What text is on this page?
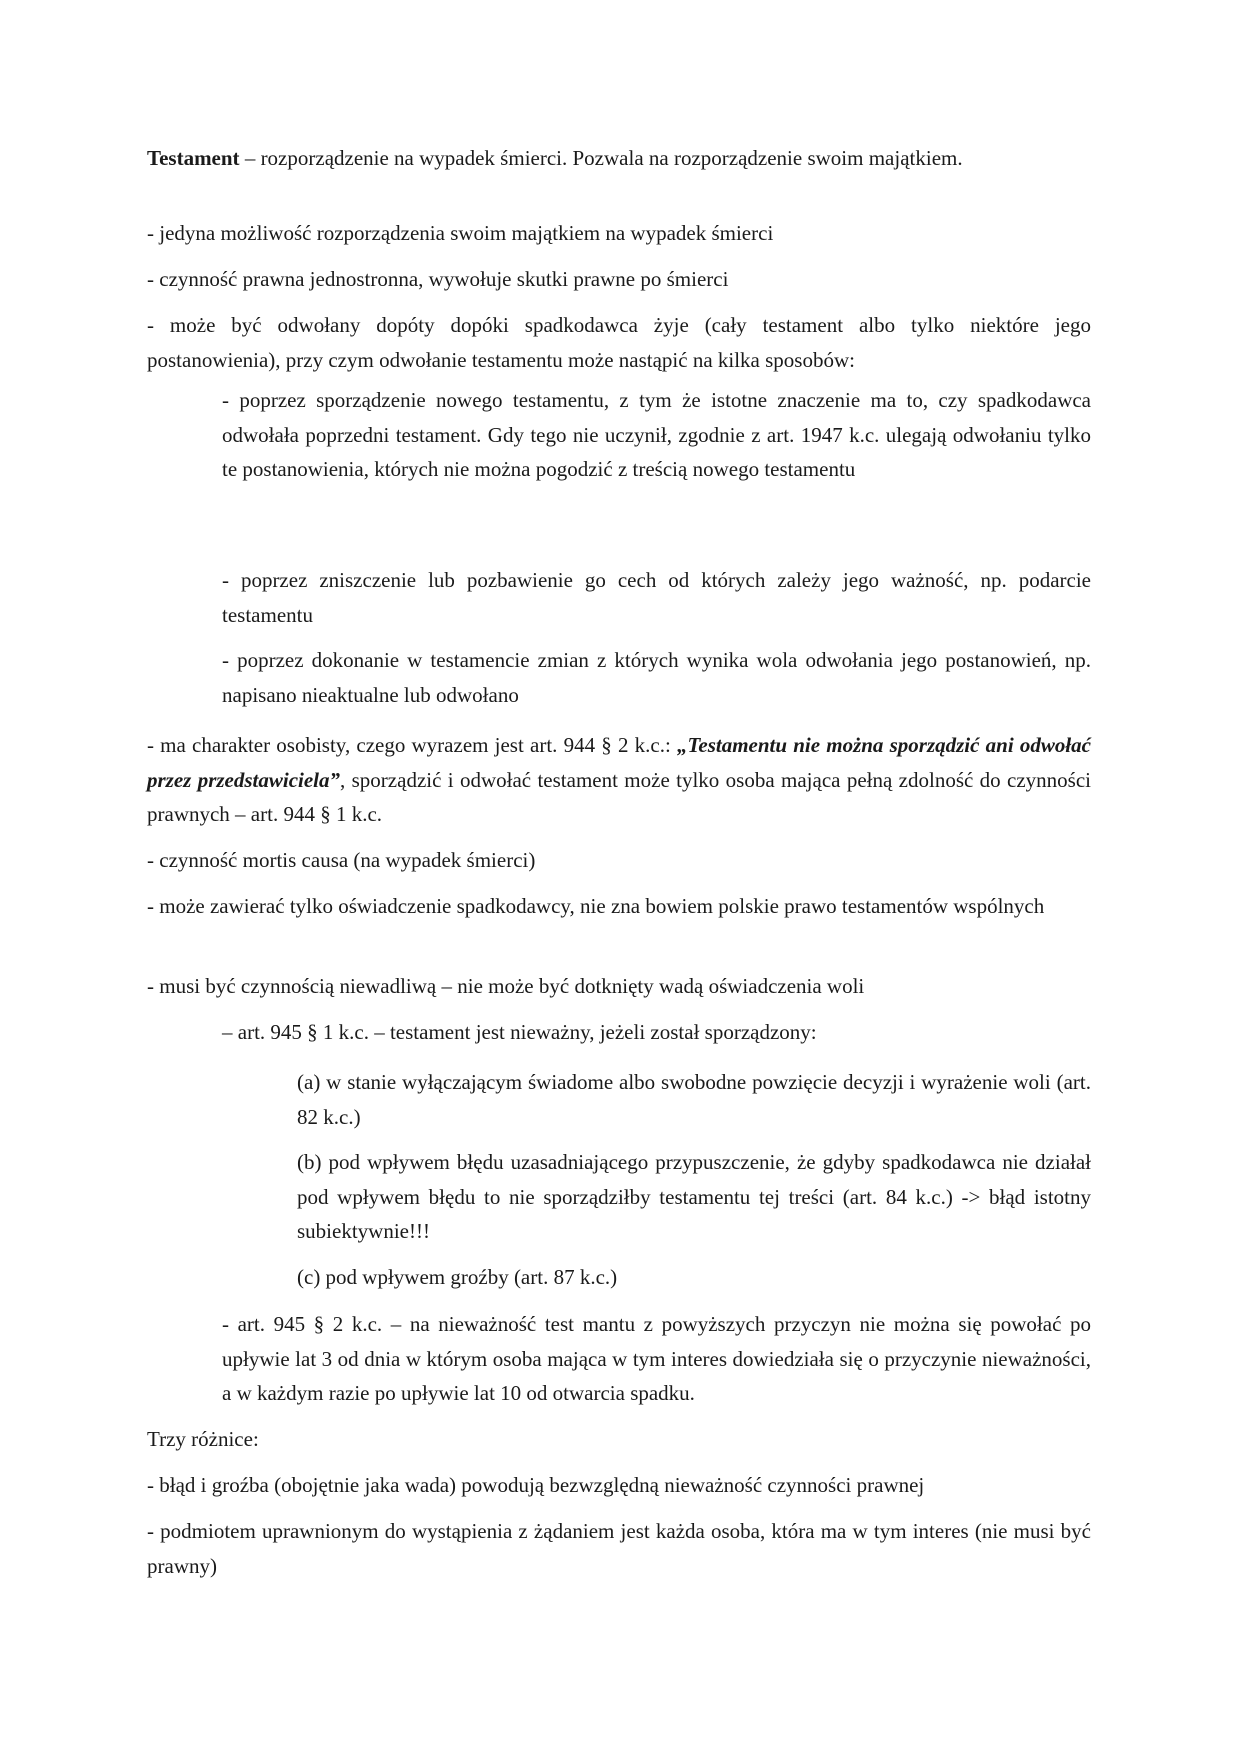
Testament – rozporządzenie na wypadek śmierci. Pozwala na rozporządzenie swoim majątkiem.

- jedyna możliwość rozporządzenia swoim majątkiem na wypadek śmierci

- czynność prawna jednostronna, wywołuje skutki prawne po śmierci

- może być odwołany dopóty dopóki spadkodawca żyje (cały testament albo tylko niektóre jego postanowienia), przy czym odwołanie testamentu może nastąpić na kilka sposobów:

- poprzez sporządzenie nowego testamentu, z tym że istotne znaczenie ma to, czy spadkodawca odwołała poprzedni testament. Gdy tego nie uczynił, zgodnie z art. 1947 k.c. ulegają odwołaniu tylko te postanowienia, których nie można pogodzić z treścią nowego testamentu

- poprzez zniszczenie lub pozbawienie go cech od których zależy jego ważność, np. podarcie testamentu

- poprzez dokonanie w testamencie zmian z których wynika wola odwołania jego postanowień, np. napisano nieaktualne lub odwołano

- ma charakter osobisty, czego wyrazem jest art. 944 § 2 k.c.: „Testamentu nie można sporządzić ani odwołać przez przedstawiciela”, sporządzić i odwołać testament może tylko osoba mająca pełną zdolność do czynności prawnych – art. 944 § 1 k.c.

- czynność mortis causa (na wypadek śmierci)

- może zawierać tylko oświadczenie spadkodawcy, nie zna bowiem polskie prawo testamentów wspólnych

- musi być czynnością niewadliwą – nie może być dotknięty wadą oświadczenia woli

– art. 945 § 1 k.c. – testament jest nieważny, jeżeli został sporządzony:

(a) w stanie wyłączającym świadome albo swobodne powzięcie decyzji i wyrażenie woli (art. 82 k.c.)

(b) pod wpływem błędu uzasadniającego przypuszczenie, że gdyby spadkodawca nie działał pod wpływem błędu to nie sporządziłby testamentu tej treści (art. 84 k.c.) -> błąd istotny subiektywnie!!!

(c) pod wpływem groźby (art. 87 k.c.)

- art. 945 § 2 k.c. – na nieważność test mantu z powyższych przyczyn nie można się powołać po upływie lat 3 od dnia w którym osoba mająca w tym interes dowiedziała się o przyczynie nieważności, a w każdym razie po upływie lat 10 od otwarcia spadku.

Trzy różnice:

- błąd i groźba (obojętnie jaka wada) powodują bezwzględną nieważność czynności prawnej

- podmiotem uprawnionym do wystąpienia z żądaniem jest każda osoba, która ma w tym interes (nie musi być prawny)
